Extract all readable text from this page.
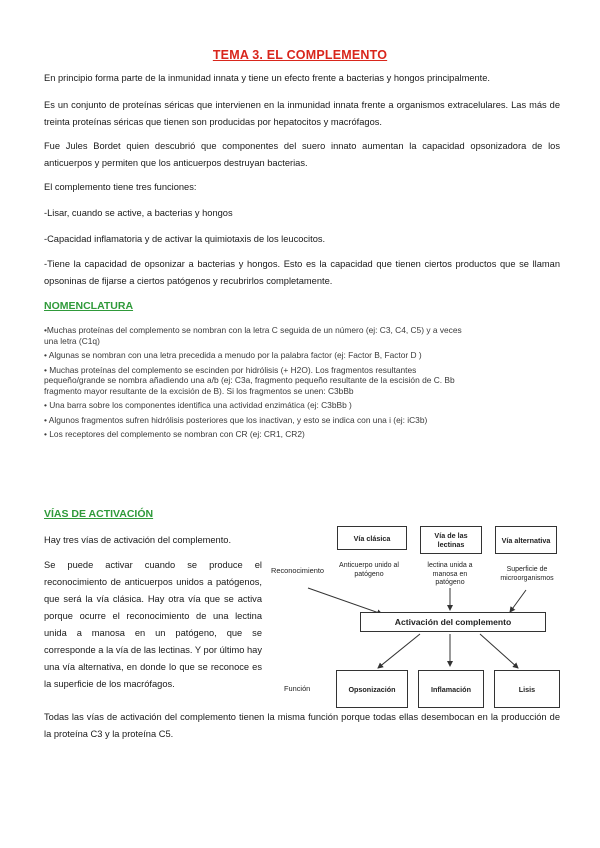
TEMA 3. EL COMPLEMENTO
En principio forma parte de la inmunidad innata y tiene un efecto frente a bacterias y hongos principalmente.
Es un conjunto de proteínas séricas que intervienen en la inmunidad innata frente a organismos extracelulares. Las más de treinta proteínas séricas que tienen son producidas por hepatocitos y macrófagos.
Fue Jules Bordet quien descubrió que componentes del suero innato aumentan la capacidad opsonizadora de los anticuerpos y permiten que los anticuerpos destruyan bacterias.
El complemento tiene tres funciones:
-Lisar, cuando se active, a bacterias y hongos
-Capacidad inflamatoria y de activar la quimiotaxis de los leucocitos.
-Tiene la capacidad de opsonizar a bacterias y hongos. Esto es la capacidad que tienen ciertos productos que se llaman opsoninas de fijarse a ciertos patógenos y recubrirlos completamente.
NOMENCLATURA
•Muchas proteínas del complemento se nombran con la letra C seguida de un número (ej: C3, C4, C5) y a veces una letra (C1q)
• Algunas se nombran con una letra precedida a menudo por la palabra factor (ej: Factor B, Factor D )
• Muchas proteínas del complemento se escinden por hidrólisis (+ H2O). Los fragmentos resultantes pequeño/grande se nombra añadiendo una a/b (ej: C3a, fragmento pequeño resultante de la escisión de C. Bb fragmento mayor resultante de la excisión de B). Si los fragmentos se unen: C3bBb
• Una barra sobre los componentes identifica una actividad enzimática (ej: C3bBb )
• Algunos fragmentos sufren hidrólisis posteriores que los inactivan, y esto se indica con una i (ej: iC3b)
• Los receptores del complemento se nombran con CR (ej: CR1, CR2)
VÍAS DE ACTIVACIÓN
Hay tres vías de activación del complemento.
Se puede activar cuando se produce el reconocimiento de anticuerpos unidos a patógenos, que será la vía clásica. Hay otra vía que se activa porque ocurre el reconocimiento de una lectina unida a manosa en un patógeno, que se corresponde a la vía de las lectinas. Y por último hay una vía alternativa, en donde lo que se reconoce es la superficie de los macrófagos.
Todas las vías de activación del complemento tienen la misma función porque todas ellas desembocan en la producción de la proteína C3 y la proteína C5.
Reconocimiento
Función
Vía clásica	Vía de las lectinas	Vía alternativa
Anticuerpo unido al patógeno
lectina unida a manosa en patógeno
Superficie de microorganismos
Activación del complemento
Opsonización	Inflamación	Lisis
